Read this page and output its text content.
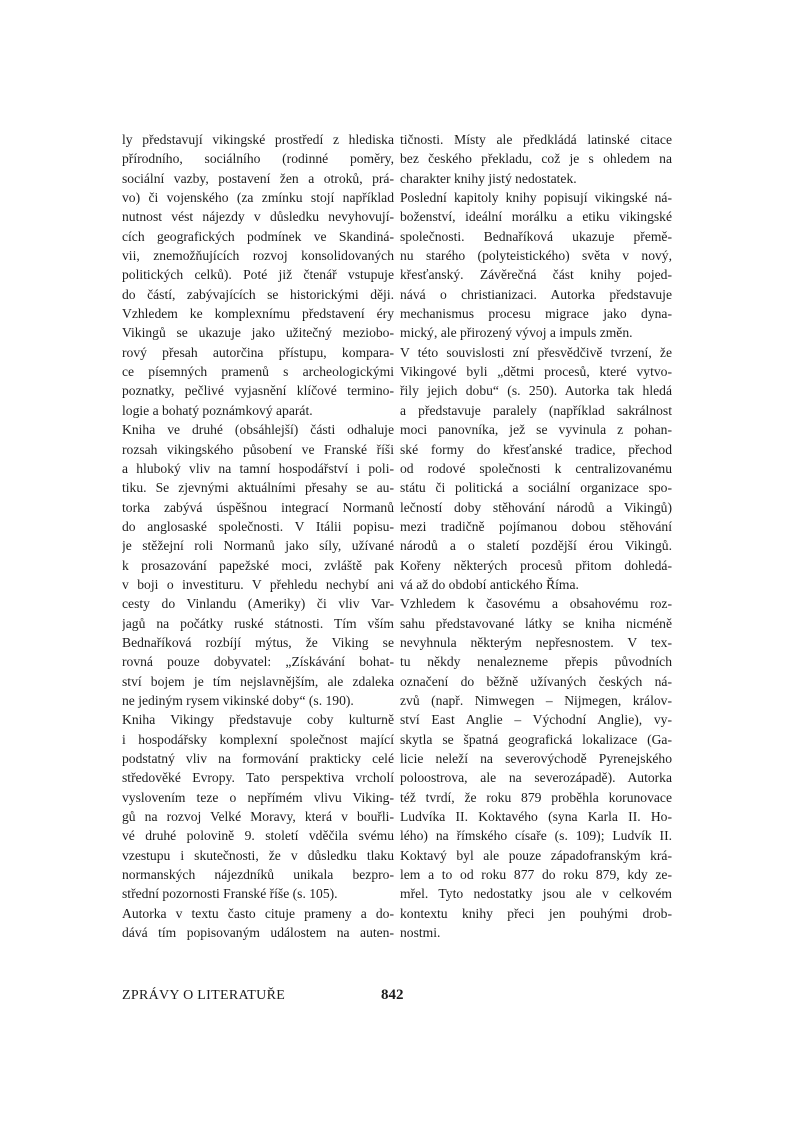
ly představují vikingské prostředí z hlediska
přírodního, sociálního (rodinné poměry,
sociální vazby, postavení žen a otroků, prá-
vo) či vojenského (za zmínku stojí například
nutnost vést nájezdy v důsledku nevyhovují-
cích geografických podmínek ve Skandiná-
vii, znemožňujících rozvoj konsolidovaných
politických celků). Poté již čtenář vstupuje
do částí, zabývajících se historickými ději.
Vzhledem ke komplexnímu představení éry
Vikingů se ukazuje jako užitečný meziobo-
rový přesah autorčina přístupu, kompara-
ce písemných pramenů s archeologickými
poznatky, pečlivé vyjasnění klíčové termino-
logie a bohatý poznámkový aparát.
Kniha ve druhé (obsáhlejší) části odhaluje
rozsah vikingského působení ve Franské říši
a hluboký vliv na tamní hospodářství i poli-
tiku. Se zjevnými aktuálními přesahy se au-
torka zabývá úspěšnou integrací Normanů
do anglosaské společnosti. V Itálii popisu-
je stěžejní roli Normanů jako síly, užívané
k prosazování papežské moci, zvláště pak
v boji o investituru. V přehledu nechybí ani
cesty do Vinlandu (Ameriky) či vliv Var-
jagů na počátky ruské státnosti. Tím vším
Bednaříková rozbíjí mýtus, že Viking se
rovná pouze dobyvatel: „Získávání bohat-
ství bojem je tím nejslavnějším, ale zdaleka
ne jediným rysem vikinské doby“ (s. 190).
Kniha Vikingy představuje coby kulturně
i hospodářsky komplexní společnost mající
podstatný vliv na formování prakticky celé
středověké Evropy. Tato perspektiva vrcholí
vyslovením teze o nepřímém vlivu Viking-
gů na rozvoj Velké Moravy, která v bouřli-
vé druhé polovině 9. století vděčila svému
vzestupu i skutečnosti, že v důsledku tlaku
normanských nájezdníků unikala bezpro-
střední pozornosti Franské říše (s. 105).
Autorka v textu často cituje prameny a do-
dává tím popisovaným událostem na auten-
tičnosti. Místy ale předkládá latinské citace
bez českého překladu, což je s ohledem na
charakter knihy jistý nedostatek.
Poslední kapitoly knihy popisují vikingské ná-
boženství, ideální morálku a etiku vikingské
společnosti. Bednaříková ukazuje přemě-
nu starého (polyteistického) světa v nový,
křesťanský. Závěrečná část knihy pojed-
nává o christianizaci. Autorka představuje
mechanismus procesu migrace jako dyna-
mický, ale přirozený vývoj a impuls změn.
V této souvislosti zní přesvědčivě tvrzení, že
Vikingové byli „dětmi procesů, které vytvo-
řily jejich dobu“ (s. 250). Autorka tak hledá
a představuje paralely (například sakrálnost
moci panovníka, jež se vyvinula z pohan-
ské formy do křesťanské tradice, přechod
od rodové společnosti k centralizovanému
státu či politická a sociální organizace spo-
lečností doby stěhování národů a Vikingů)
mezi tradičně pojímanou dobou stěhování
národů a o staletí pozdější érou Vikingů.
Kořeny některých procesů přitom dohledá-
vá až do období antického Říma.
Vzhledem k časovému a obsahovému roz-
sahu představované látky se kniha nicméně
nevyhnula některým nepřesnostem. V tex-
tu někdy nenalezneme přepis původních
označení do běžně užívaných českých ná-
zvů (např. Nimwegen – Nijmegen, králov-
ství East Anglie – Východní Anglie), vy-
skytla se špatná geografická lokalizace (Ga-
licie neleží na severovýchodě Pyrenejského
poloostrova, ale na severozápadě). Autorka
též tvrdí, že roku 879 proběhla korunovace
Ludvíka II. Koktavého (syna Karla II. Ho-
lého) na římského císaře (s. 109); Ludvík II.
Koktavý byl ale pouze západofranským krá-
lem a to od roku 877 do roku 879, kdy ze-
mřel. Tyto nedostatky jsou ale v celkovém
kontextu knihy přeci jen pouhými drob-
nostmi.
ZPRÁVY O LITERATUŘE	842
